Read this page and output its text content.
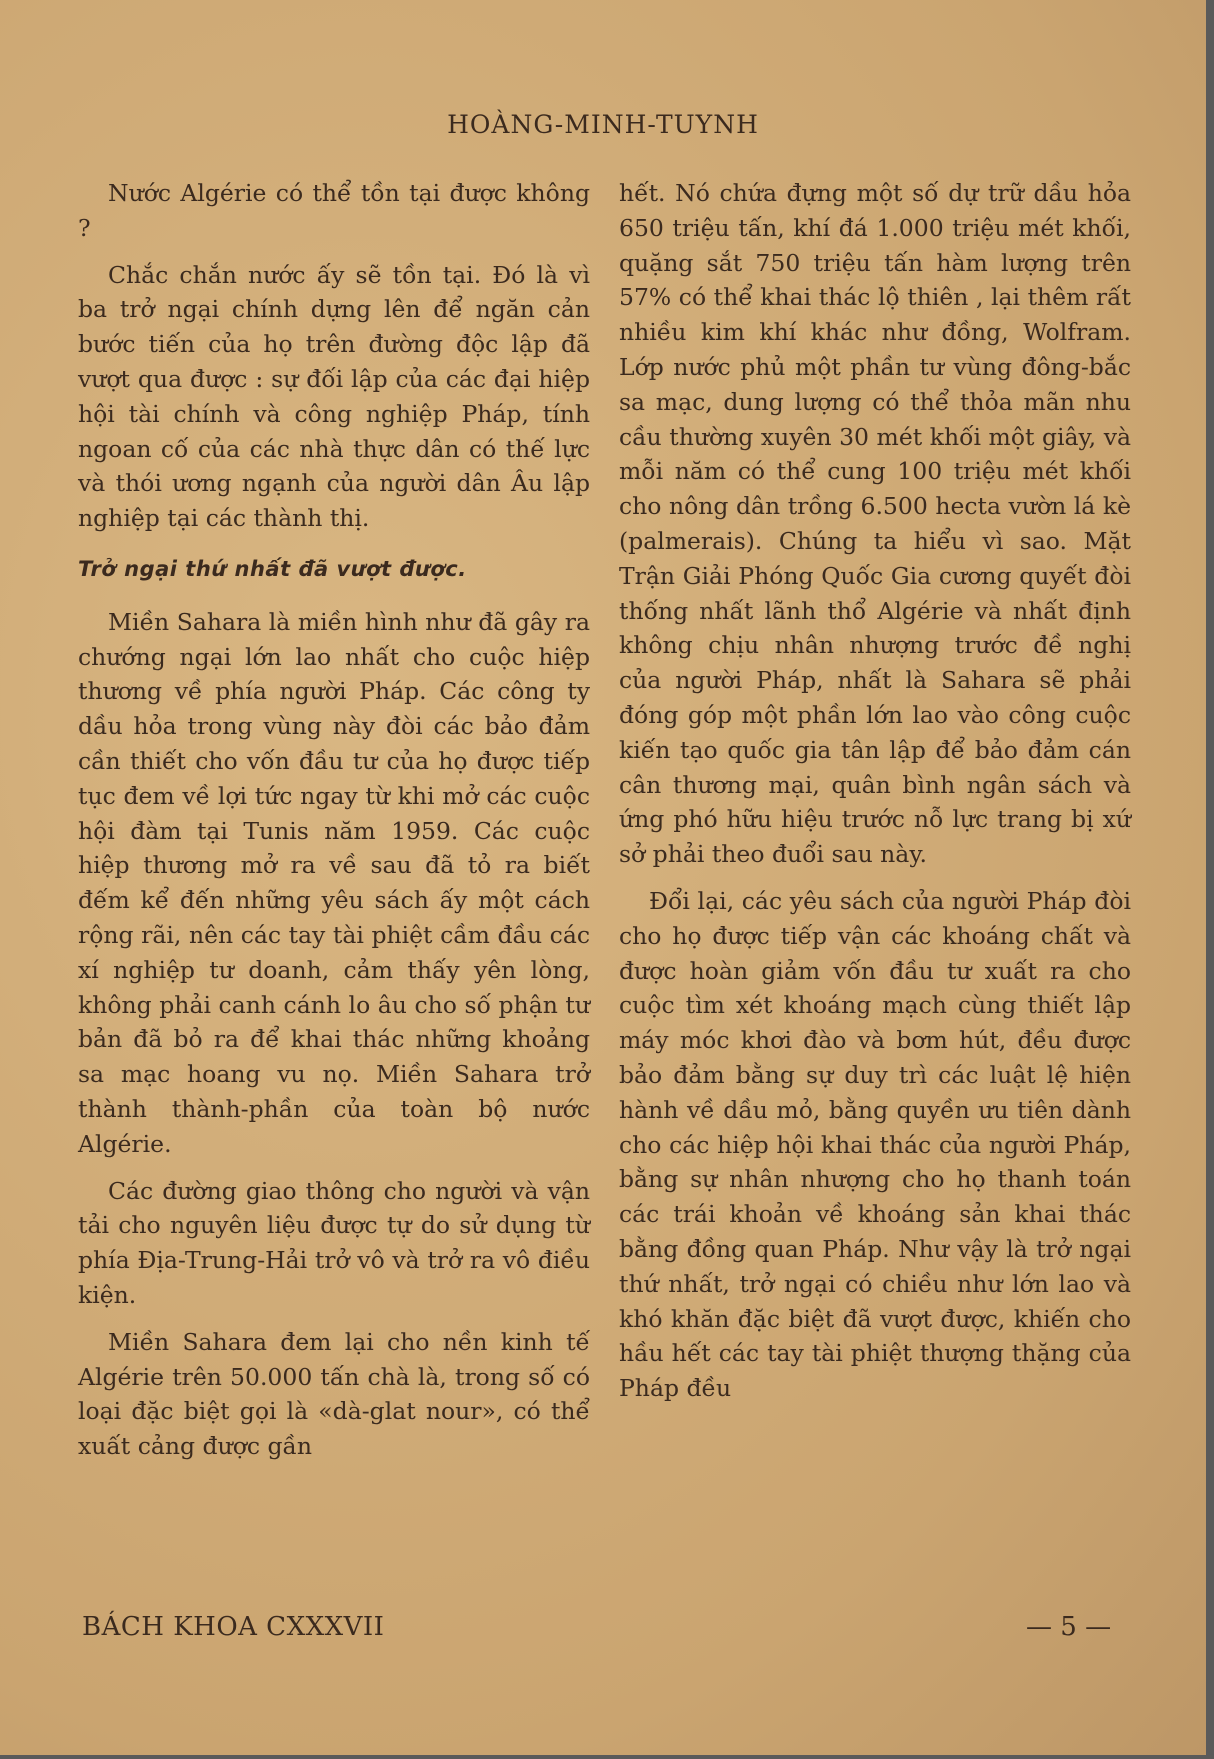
HOÀNG-MINH-TUYNH

Nước Algérie có thể tồn tại được không ?

Chắc chắn nước ấy sẽ tồn tại. Đó là vì ba trở ngại chính dựng lên để ngăn cản bước tiến của họ trên đường độc lập đã vượt qua được : sự đối lập của các đại hiệp hội tài chính và công nghiệp Pháp, tính ngoan cố của các nhà thực dân có thế lực và thói ương ngạnh của người dân Âu lập nghiệp tại các thành thị.

Trở ngại thứ nhất đã vượt được.

Miền Sahara là miền hình như đã gây ra chướng ngại lớn lao nhất cho cuộc hiệp thương về phía người Pháp. Các công ty dầu hỏa trong vùng này đòi các bảo đảm cần thiết cho vốn đầu tư của họ được tiếp tục đem về lợi tức ngay từ khi mở các cuộc hội đàm tại Tunis năm 1959. Các cuộc hiệp thương mở ra về sau đã tỏ ra biết đếm kể đến những yêu sách ấy một cách rộng rãi, nên các tay tài phiệt cầm đầu các xí nghiệp tư doanh, cảm thấy yên lòng, không phải canh cánh lo âu cho số phận tư bản đã bỏ ra để khai thác những khoảng sa mạc hoang vu nọ. Miền Sahara trở thành thành-phần của toàn bộ nước Algérie.

Các đường giao thông cho người và vận tải cho nguyên liệu được tự do sử dụng từ phía Địa-Trung-Hải trở vô và trở ra vô điều kiện.

Miền Sahara đem lại cho nền kinh tế Algérie trên 50.000 tấn chà là, trong số có loại đặc biệt gọi là «dà-glat nour», có thể xuất cảng được gần

hết. Nó chứa đựng một số dự trữ dầu hỏa 650 triệu tấn, khí đá 1.000 triệu mét khối, quặng sắt 750 triệu tấn hàm lượng trên 57% có thể khai thác lộ thiên , lại thêm rất nhiều kim khí khác như đồng, Wolfram. Lớp nước phủ một phần tư vùng đông-bắc sa mạc, dung lượng có thể thỏa mãn nhu cầu thường xuyên 30 mét khối một giây, và mỗi năm có thể cung 100 triệu mét khối cho nông dân trồng 6.500 hecta vườn lá kè (palmerais). Chúng ta hiểu vì sao. Mặt Trận Giải Phóng Quốc Gia cương quyết đòi thống nhất lãnh thổ Algérie và nhất định không chịu nhân nhượng trước đề nghị của người Pháp, nhất là Sahara sẽ phải đóng góp một phần lớn lao vào công cuộc kiến tạo quốc gia tân lập để bảo đảm cán cân thương mại, quân bình ngân sách và ứng phó hữu hiệu trước nỗ lực trang bị xứ sở phải theo đuổi sau này.

Đổi lại, các yêu sách của người Pháp đòi cho họ được tiếp vận các khoáng chất và được hoàn giảm vốn đầu tư xuất ra cho cuộc tìm xét khoáng mạch cùng thiết lập máy móc khơi đào và bơm hút, đều được bảo đảm bằng sự duy trì các luật lệ hiện hành về dầu mỏ, bằng quyền ưu tiên dành cho các hiệp hội khai thác của người Pháp, bằng sự nhân nhượng cho họ thanh toán các trái khoản về khoáng sản khai thác bằng đồng quan Pháp. Như vậy là trở ngại thứ nhất, trở ngại có chiều như lớn lao và khó khăn đặc biệt đã vượt được, khiến cho hầu hết các tay tài phiệt thượng thặng của Pháp đều

BÁCH KHOA CXXXVII	— 5 —
